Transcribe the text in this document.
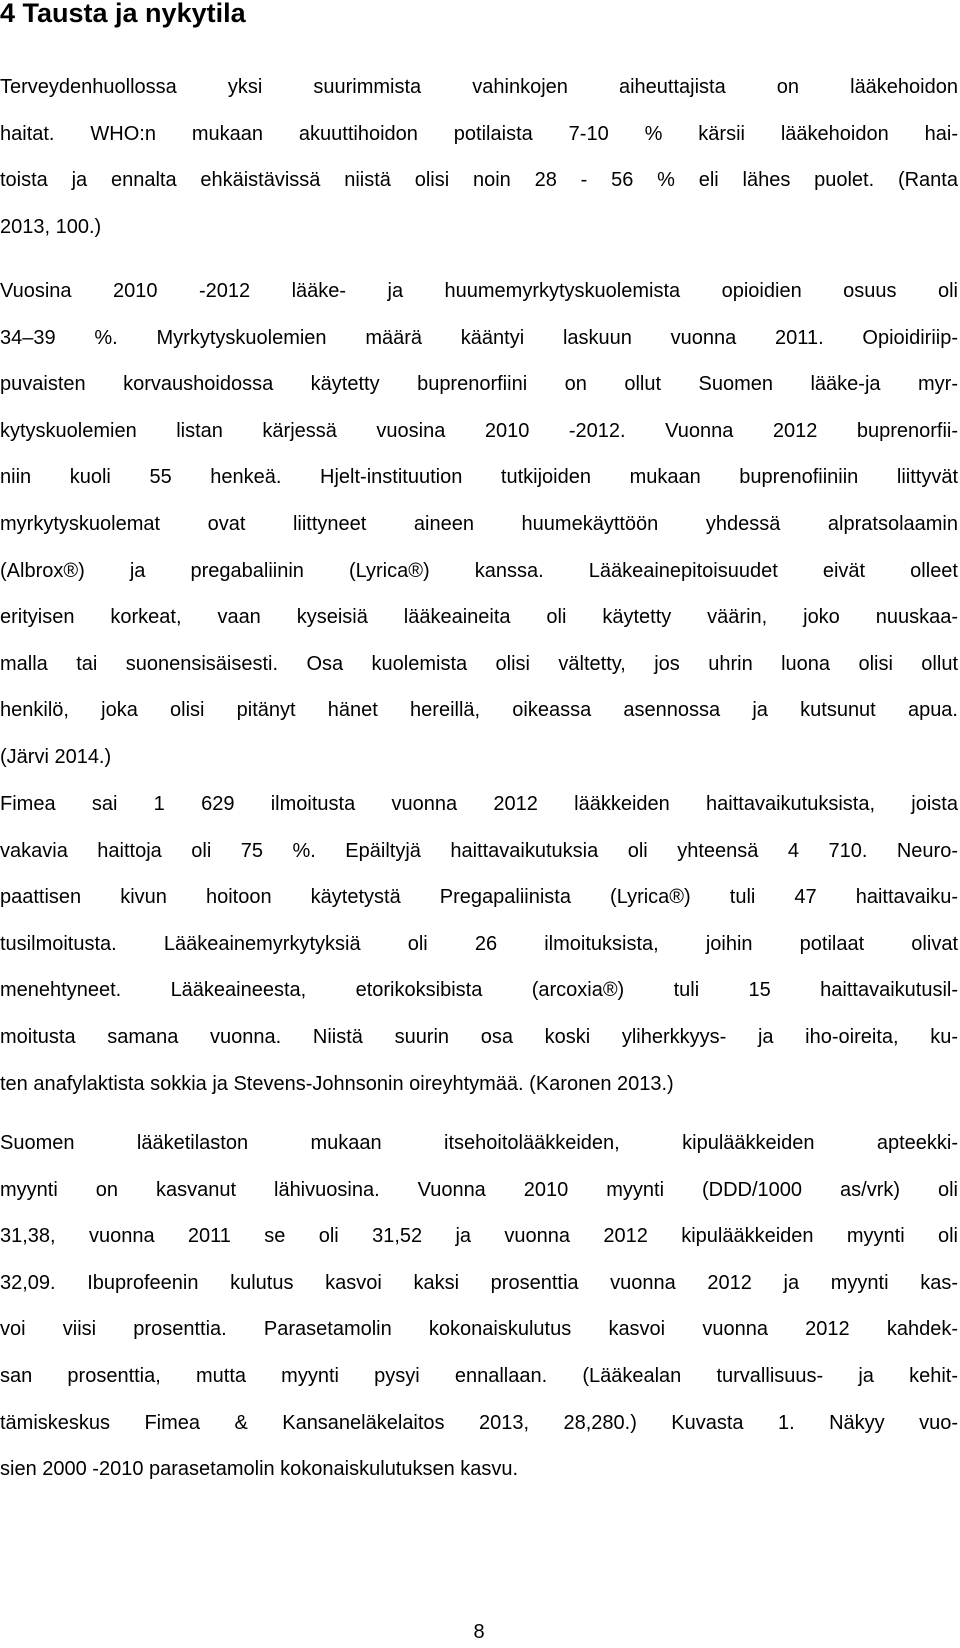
4 Tausta ja nykytila
Terveydenhuollossa yksi suurimmista vahinkojen aiheuttajista on lääkehoidon
haitat. WHO:n mukaan akuuttihoidon potilaista 7-10 % kärsii lääkehoidon hai-
toista ja ennalta ehkäistävissä niistä olisi noin 28 - 56 % eli lähes puolet. (Ranta
2013, 100.)
Vuosina 2010 -2012 lääke- ja huumemyrkytyskuolemista opioidien osuus oli
34–39 %. Myrkytyskuolemien määrä kääntyi laskuun vuonna 2011. Opioidiriip-
puvaisten korvaushoidossa käytetty buprenorfiini on ollut Suomen lääke-ja myr-
kytyskuolemien listan kärjessä vuosina 2010 -2012. Vuonna 2012 buprenorfii-
niin kuoli 55 henkeä. Hjelt-instituution tutkijoiden mukaan buprenofiiniin liittyvät
myrkytyskuolemat ovat liittyneet aineen huumekäyttöön yhdessä alpratsolaamin
(Albrox®) ja pregabaliinin (Lyrica®) kanssa. Lääkeainepitoisuudet eivät olleet
erityisen korkeat, vaan kyseisiä lääkeaineita oli käytetty väärin, joko nuuskaa-
malla tai suonensisäisesti. Osa kuolemista olisi vältetty, jos uhrin luona olisi ollut
henkilö, joka olisi pitänyt hänet hereillä, oikeassa asennossa ja kutsunut apua.
(Järvi 2014.)
Fimea sai 1 629 ilmoitusta vuonna 2012 lääkkeiden haittavaikutuksista, joista
vakavia haittoja oli 75 %. Epäiltyjä haittavaikutuksia oli yhteensä 4 710. Neuro-
paattisen kivun hoitoon käytetystä Pregapaliinista (Lyrica®) tuli 47 haittavaiku-
tusilmoitusta. Lääkeainemyrkytyksiä oli 26 ilmoituksista, joihin potilaat olivat
menehtyneet. Lääkeaineesta, etorikoksibista (arcoxia®) tuli 15 haittavaikutusil-
moitusta samana vuonna. Niistä suurin osa koski yliherkkyys- ja iho-oireita, ku-
ten anafylaktista sokkia ja Stevens-Johnsonin oireyhtymää. (Karonen 2013.)
Suomen lääketilaston mukaan itsehoitolääkkeiden, kipulääkkeiden apteekki-
myynti on kasvanut lähivuosina. Vuonna 2010 myynti (DDD/1000 as/vrk) oli
31,38, vuonna 2011 se oli 31,52 ja vuonna 2012 kipulääkkeiden myynti oli
32,09. Ibuprofeenin kulutus kasvoi kaksi prosenttia vuonna 2012 ja myynti kas-
voi viisi prosenttia. Parasetamolin kokonaiskulutus kasvoi vuonna 2012 kahdek-
san prosenttia, mutta myynti pysyi ennallaan. (Lääkealan turvallisuus- ja kehit-
tämiskeskus Fimea & Kansaneläkelaitos 2013, 28,280.) Kuvasta 1. Näkyy vuo-
sien 2000 -2010 parasetamolin kokonaiskulutuksen kasvu.
8
